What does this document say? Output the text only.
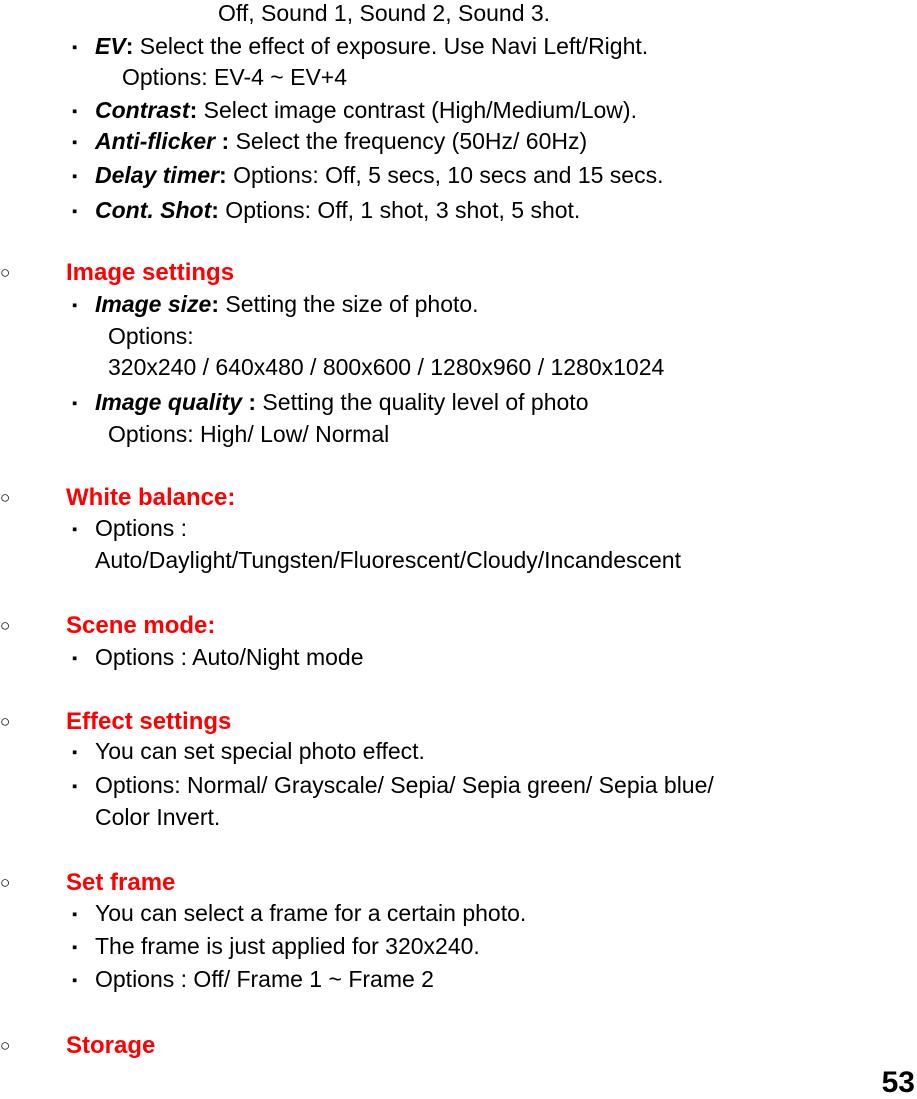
Off, Sound 1, Sound 2, Sound 3.
▪ EV: Select the effect of exposure. Use Navi Left/Right.
Options: EV-4 ~ EV+4
▪ Contrast: Select image contrast (High/Medium/Low).
▪ Anti-flicker : Select the frequency (50Hz/ 60Hz)
▪ Delay timer: Options: Off, 5 secs, 10 secs and 15 secs.
▪ Cont. Shot: Options: Off, 1 shot, 3 shot, 5 shot.
○ Image settings
▪ Image size: Setting the size of photo.
Options:
320x240 / 640x480 / 800x600 / 1280x960 / 1280x1024
▪ Image quality : Setting the quality level of photo
Options: High/ Low/ Normal
○ White balance:
▪ Options :
Auto/Daylight/Tungsten/Fluorescent/Cloudy/Incandescent
○ Scene mode:
▪ Options : Auto/Night mode
○ Effect settings
▪ You can set special photo effect.
▪ Options: Normal/ Grayscale/ Sepia/ Sepia green/ Sepia blue/
Color Invert.
○ Set frame
▪ You can select a frame for a certain photo.
▪ The frame is just applied for 320x240.
▪ Options : Off/ Frame 1 ~ Frame 2
○ Storage
53
